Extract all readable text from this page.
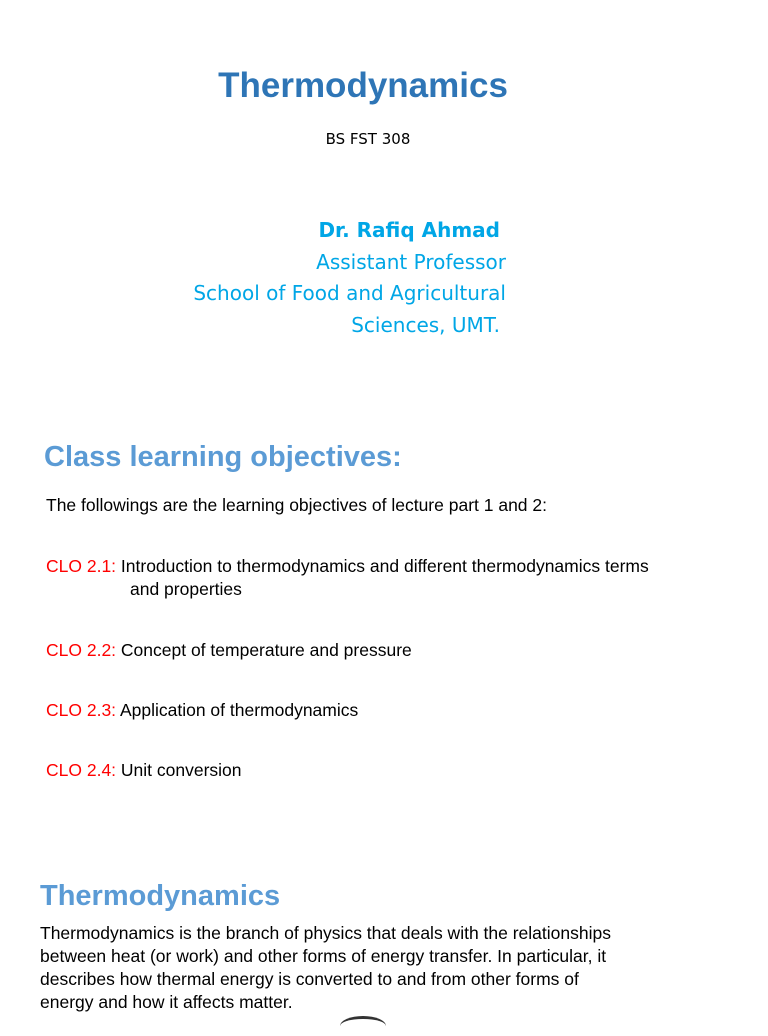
Thermodynamics
BS FST 308
Dr. Rafiq Ahmad
Assistant Professor
School of Food and Agricultural
Sciences, UMT.
Class learning objectives:
The followings are the learning objectives of lecture part 1 and 2:
CLO 2.1: Introduction to thermodynamics and different thermodynamics terms
and properties
CLO 2.2: Concept of temperature and pressure
CLO 2.3: Application of thermodynamics
CLO 2.4: Unit conversion
Thermodynamics

Thermodynamics is the branch of physics that deals with the relationships
between heat (or work) and other forms of energy transfer. In particular, it
describes how thermal energy is converted to and from other forms of
energy and how it affects matter.
